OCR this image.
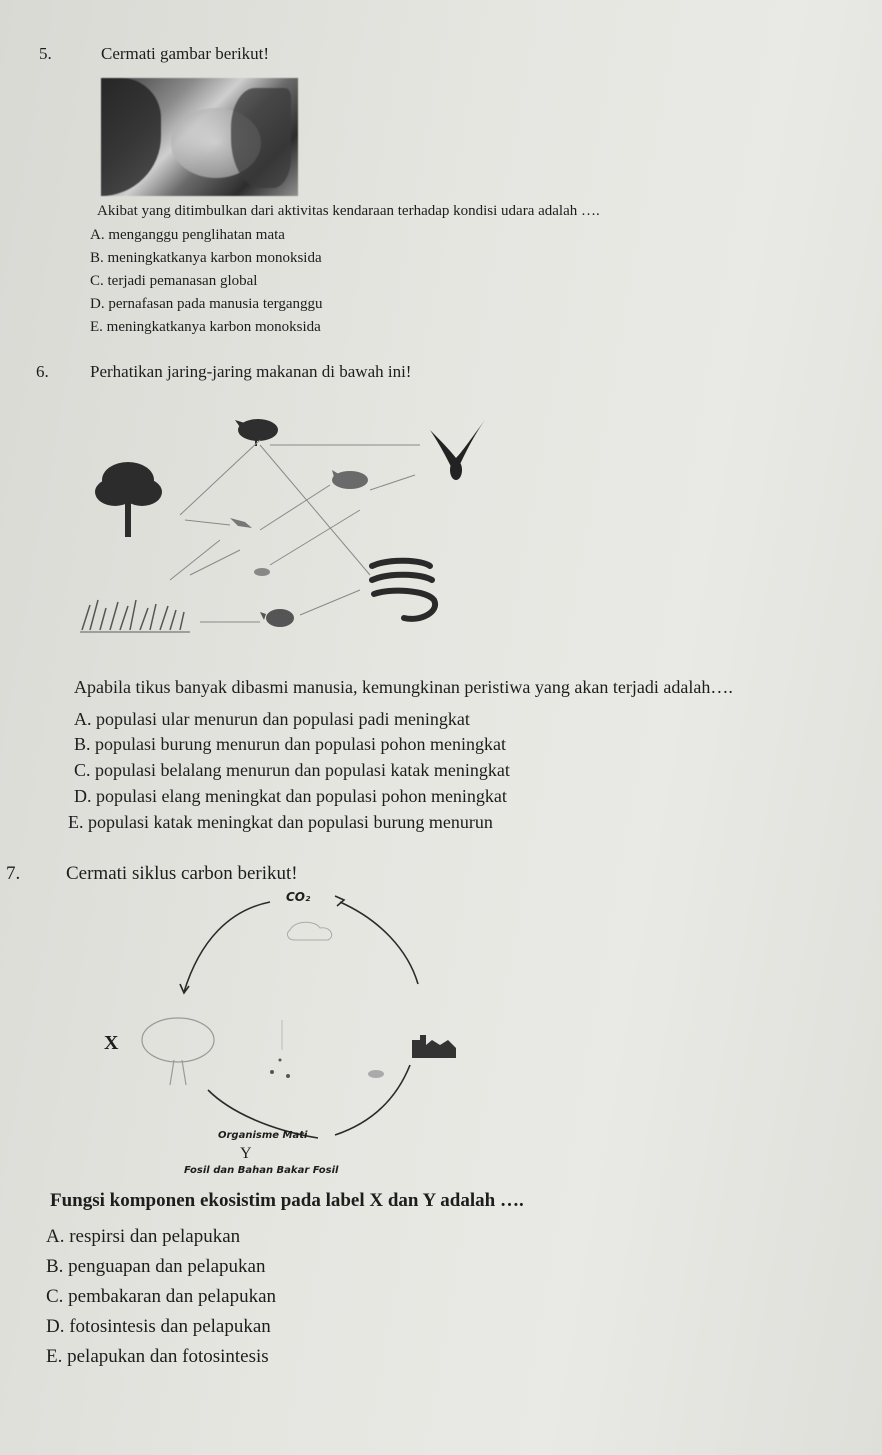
5.	Cermati gambar berikut!
Akibat yang ditimbulkan dari aktivitas kendaraan terhadap kondisi udara adalah ….
A. menganggu penglihatan mata
B. meningkatkanya karbon monoksida
C. terjadi pemanasan global
D. pernafasan pada manusia terganggu
E. meningkatkanya karbon monoksida
6. Perhatikan jaring-jaring makanan di bawah ini!
Apabila tikus banyak dibasmi manusia, kemungkinan peristiwa yang akan terjadi adalah….
A. populasi ular menurun dan populasi padi meningkat
B. populasi burung menurun dan populasi pohon meningkat
C. populasi belalang menurun dan populasi katak meningkat
D. populasi elang meningkat dan populasi pohon meningkat
E. populasi katak meningkat dan populasi burung menurun
7. Cermati siklus carbon berikut!
CO₂
X
Organisme Mati
Y
Fosil dan Bahan Bakar Fosil
Fungsi komponen ekosistim pada label X dan Y adalah ….
A. respirsi dan pelapukan
B. penguapan dan pelapukan
C. pembakaran dan pelapukan
D. fotosintesis dan pelapukan
E. pelapukan dan fotosintesis
